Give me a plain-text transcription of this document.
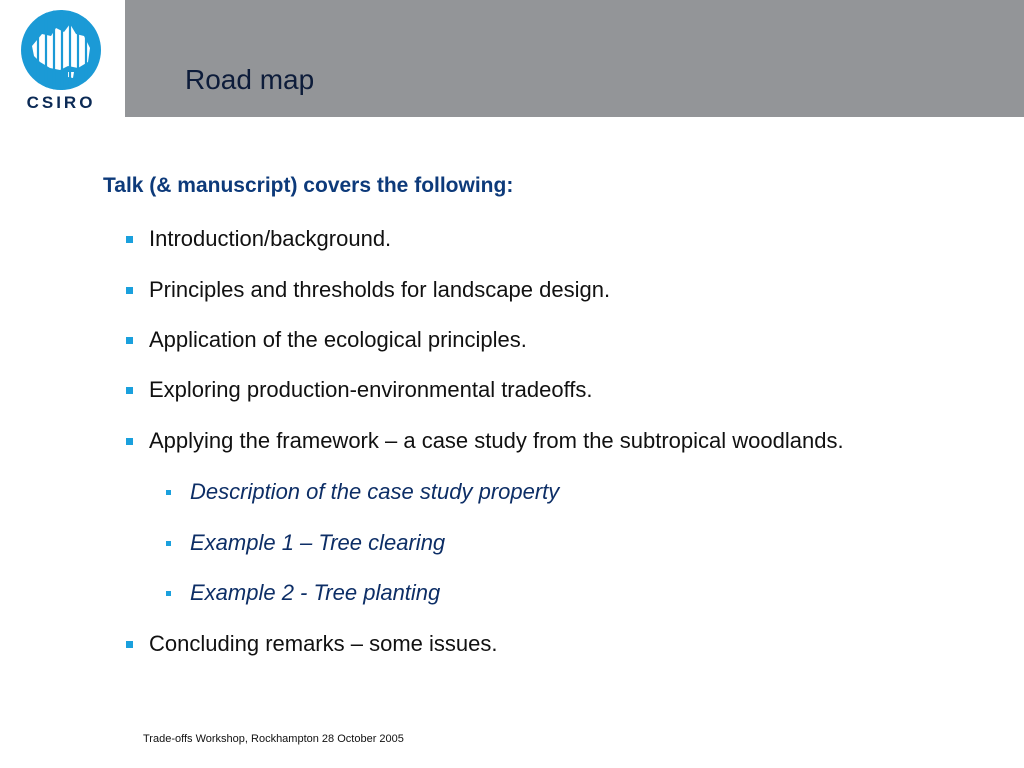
CSIRO
Road map
Talk (& manuscript) covers the following:
Introduction/background.
Principles and thresholds for landscape design.
Application of the ecological principles.
Exploring production-environmental tradeoffs.
Applying the framework – a case study from the subtropical woodlands.
Description of the case study property
Example 1 – Tree clearing
Example 2 - Tree planting
Concluding remarks – some issues.
Trade-offs Workshop, Rockhampton 28 October 2005
